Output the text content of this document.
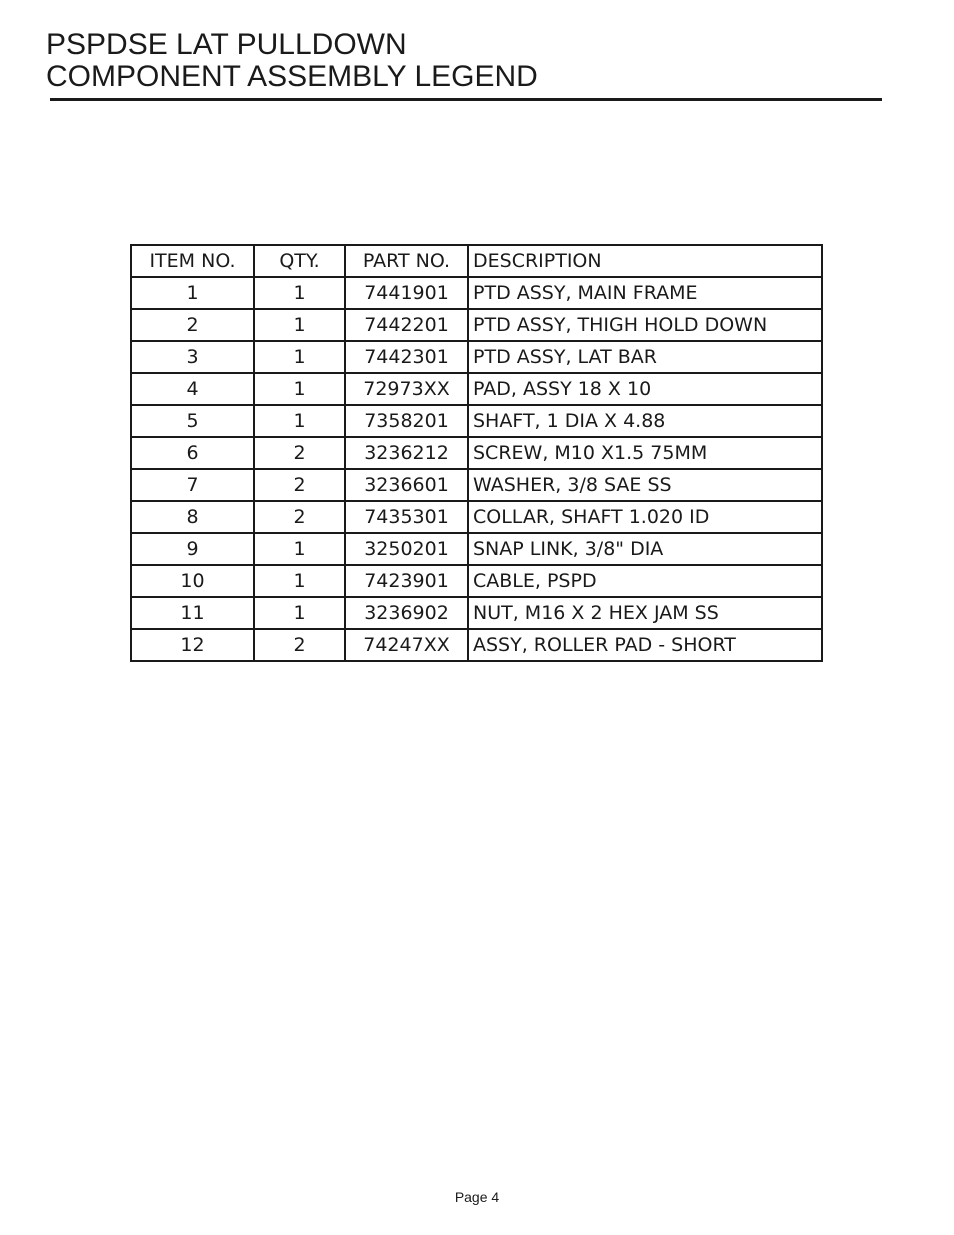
PSPDSE LAT PULLDOWN
COMPONENT ASSEMBLY LEGEND
ITEM NO.	QTY.	PART NO.	DESCRIPTION
1	1	7441901	PTD ASSY, MAIN FRAME
2	1	7442201	PTD ASSY, THIGH HOLD DOWN
3	1	7442301	PTD ASSY, LAT BAR
4	1	72973XX	PAD, ASSY 18 X 10
5	1	7358201	SHAFT, 1 DIA X 4.88
6	2	3236212	SCREW, M10 X1.5 75MM
7	2	3236601	WASHER, 3/8 SAE SS
8	2	7435301	COLLAR, SHAFT 1.020 ID
9	1	3250201	SNAP LINK, 3/8" DIA
10	1	7423901	CABLE, PSPD
11	1	3236902	NUT, M16 X 2 HEX JAM SS
12	2	74247XX	ASSY, ROLLER PAD - SHORT
Page 4
